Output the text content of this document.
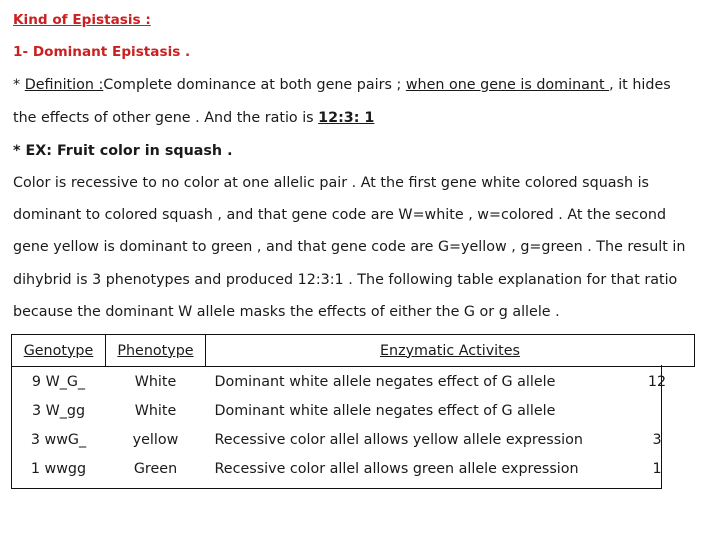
Kind of Epistasis :
1- Dominant Epistasis .
* Definition :Complete dominance at both gene pairs ; when one gene is dominant , it hides
the effects of other gene . And the ratio is 12:3: 1
* EX: Fruit color in squash .
Color is recessive to no color at one allelic pair . At the first gene white colored squash is
dominant to colored squash , and that gene code are W=white , w=colored . At the second
gene yellow is dominant to green , and that gene code are G=yellow , g=green . The result in
dihybrid is 3 phenotypes and produced 12:3:1 . The following table explanation for that ratio
because the dominant W allele masks the effects of either the G or g allele .
Genotype	Phenotype	Enzymatic Activites	
9 W_G_	White	Dominant white allele negates effect of G allele	12
3 W_gg	White	Dominant white allele negates effect of G allele	
3 wwG_	yellow	Recessive color allel allows yellow allele expression	3
1 wwgg	Green	Recessive color allel allows green allele expression	1
